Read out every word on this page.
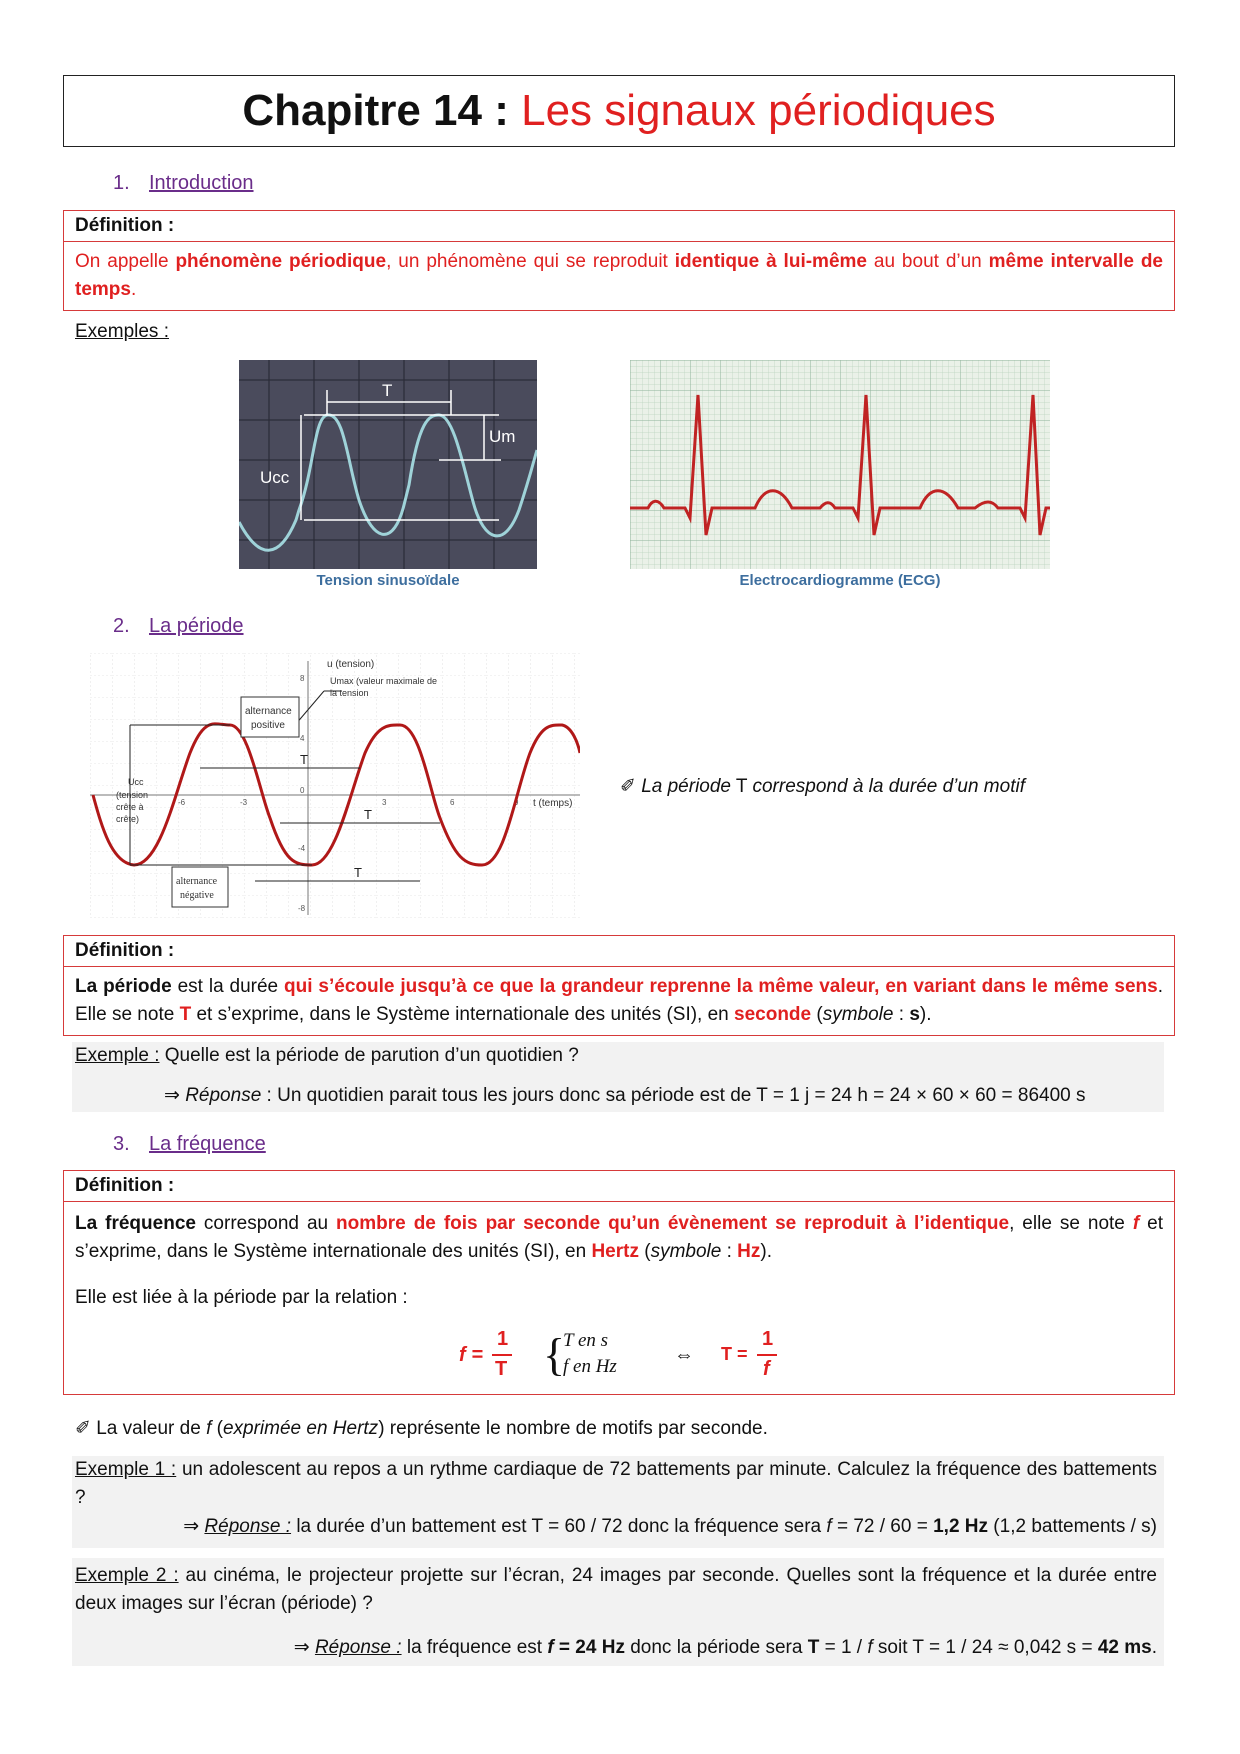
Chapitre 14 : Les signaux périodiques
1. Introduction
Définition :
On appelle phénomène périodique, un phénomène qui se reproduit identique à lui-même au bout d’un même intervalle de temps.
Exemples :
T
Um
Ucc
Tension sinusoïdale	Electrocardiogramme (ECG)
2. La période
u (tension)
t (temps)
8
4
0
-4
-8
-6	-3	3	6	9
Umax (valeur maximale de
la tension
alternance
positive
alternance
négative
Ucc
(tension
crête à
crête)
T
T
T
✐ La période T correspond à la durée d’un motif
Définition :
La période est la durée qui s’écoule jusqu’à ce que la grandeur reprenne la même valeur, en variant dans le même sens. Elle se note T et s’exprime, dans le Système internationale des unités (SI), en seconde (symbole : s).
Exemple : Quelle est la période de parution d’un quotidien ?
⇒ Réponse : Un quotidien parait tous les jours donc sa période est de T = 1 j = 24 h = 24 × 60 × 60 = 86400 s
3. La fréquence
Définition :
La fréquence correspond au nombre de fois par seconde qu’un évènement se reproduit à l’identique, elle se note f et s’exprime, dans le Système internationale des unités (SI), en Hertz (symbole : Hz).
Elle est liée à la période par la relation :
f =
1
T {
T en s
f en Hz
⇔ T =
1
f
✐ La valeur de f (exprimée en Hertz) représente le nombre de motifs par seconde.
Exemple 1 : un adolescent au repos a un rythme cardiaque de 72 battements par minute. Calculez la fréquence des battements ?
⇒ Réponse : la durée d’un battement est T = 60 / 72 donc la fréquence sera f = 72 / 60 = 1,2 Hz (1,2 battements / s)
Exemple 2 : au cinéma, le projecteur projette sur l’écran, 24 images par seconde. Quelles sont la fréquence et la durée entre deux images sur l’écran (période) ?
⇒ Réponse : la fréquence est f = 24 Hz donc la période sera T = 1 / f soit T = 1 / 24 ≈ 0,042 s = 42 ms.
